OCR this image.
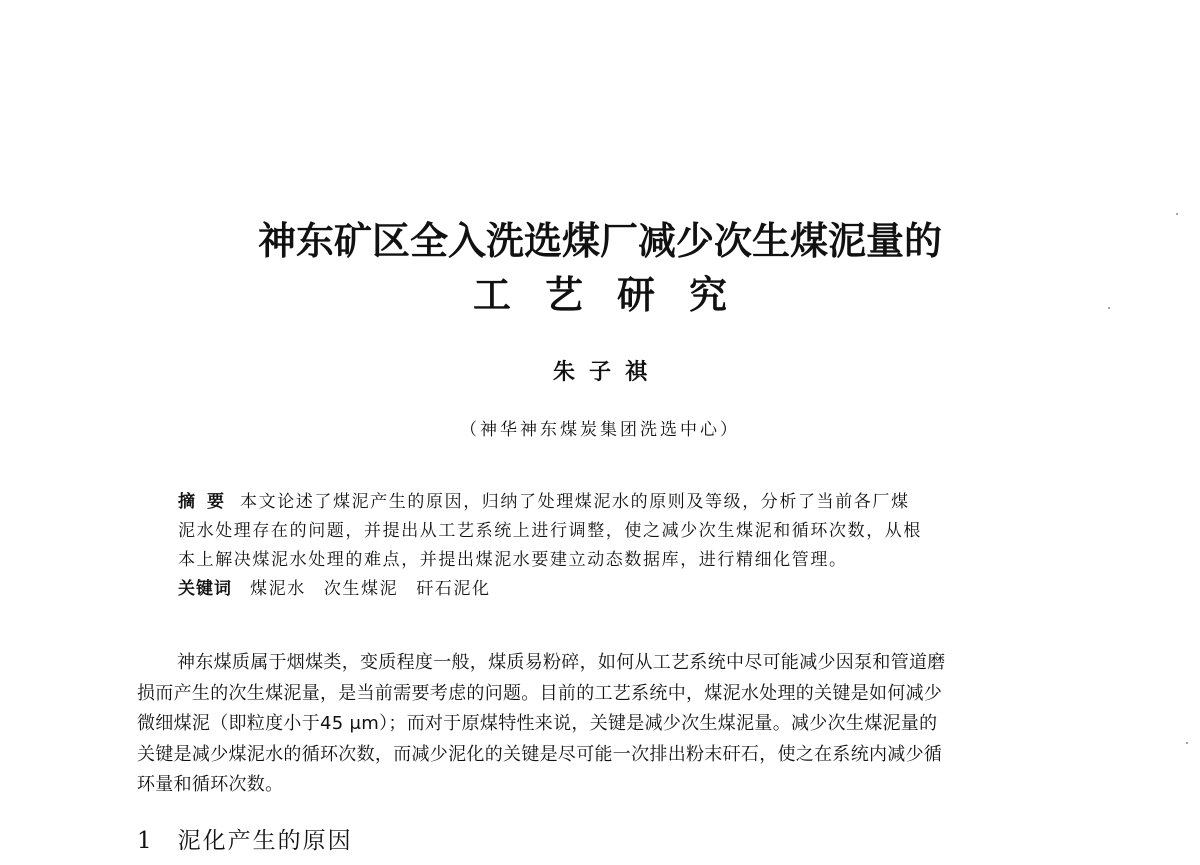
神东矿区全入洗选煤厂减少次生煤泥量的
工艺研究
朱子祺
（神华神东煤炭集团洗选中心）
摘要 本文论述了煤泥产生的原因，归纳了处理煤泥水的原则及等级，分析了当前各厂煤
泥水处理存在的问题，并提出从工艺系统上进行调整，使之减少次生煤泥和循环次数，从根
本上解决煤泥水处理的难点，并提出煤泥水要建立动态数据库，进行精细化管理。
关键词 煤泥水 次生煤泥 矸石泥化
神东煤质属于烟煤类，变质程度一般，煤质易粉碎，如何从工艺系统中尽可能减少因泵和管道磨
损而产生的次生煤泥量，是当前需要考虑的问题。目前的工艺系统中，煤泥水处理的关键是如何减少
微细煤泥（即粒度小于45 μm）；而对于原煤特性来说，关键是减少次生煤泥量。减少次生煤泥量的
关键是减少煤泥水的循环次数，而减少泥化的关键是尽可能一次排出粉末矸石，使之在系统内减少循
环量和循环次数。
1 泥化产生的原因
